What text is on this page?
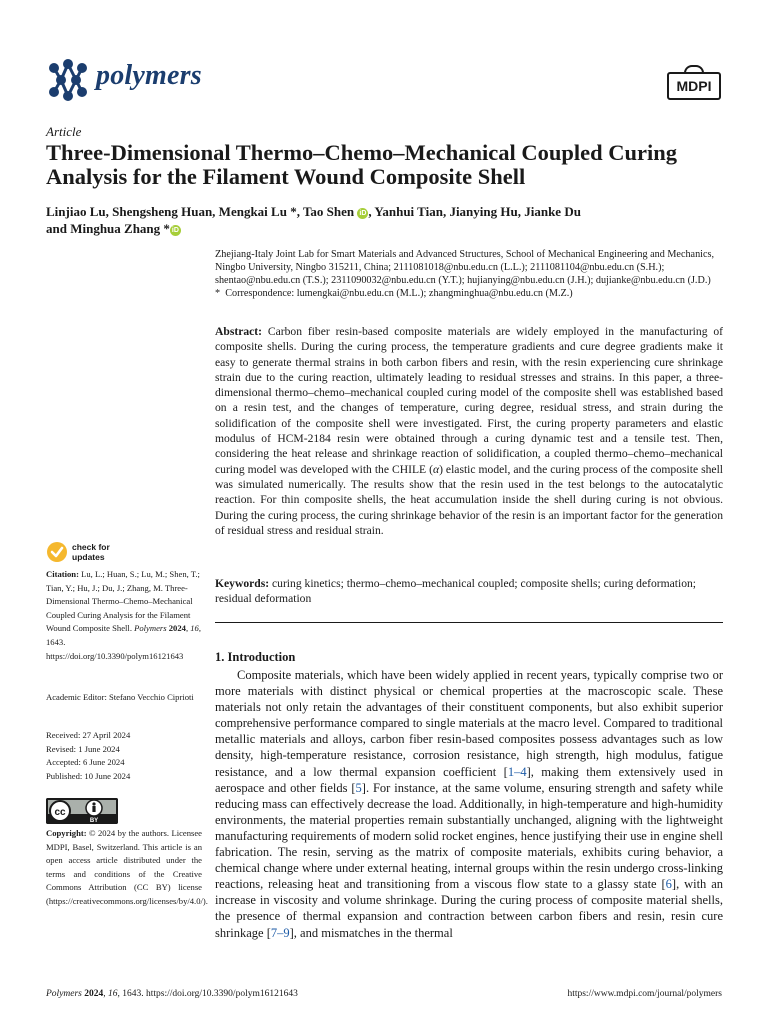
polymers	MDPI
Article
Three-Dimensional Thermo–Chemo–Mechanical Coupled Curing Analysis for the Filament Wound Composite Shell
Linjiao Lu, Shengsheng Huan, Mengkai Lu *, Tao Shen iD , Yanhui Tian, Jianying Hu, Jianke Du
and Minghua Zhang * iD
Zhejiang-Italy Joint Lab for Smart Materials and Advanced Structures, School of Mechanical Engineering and Mechanics,
Ningbo University, Ningbo 315211, China; 2111081018@nbu.edu.cn (L.L.); 2111081104@nbu.edu.cn (S.H.);
shentao@nbu.edu.cn (T.S.); 2311090032@nbu.edu.cn (Y.T.); hujianying@nbu.edu.cn (J.H.); dujianke@nbu.edu.cn (J.D.)
* Correspondence: lumengkai@nbu.edu.cn (M.L.); zhangminghua@nbu.edu.cn (M.Z.)

Abstract: Carbon fiber resin-based composite materials are widely employed in the manufacturing of composite shells. During the curing process, the temperature gradients and cure degree gradients make it easy to generate thermal strains in both carbon fibers and resin, with the resin experiencing cure shrinkage strain due to the curing reaction, ultimately leading to residual stresses and strains. In this paper, a three-dimensional thermo–chemo–mechanical coupled curing model of the composite shell was established based on a resin test, and the changes of temperature, curing degree, residual stress, and strain during the solidification of the composite shell were investigated. First, the curing property parameters and elastic modulus of HCM-2184 resin were obtained through a curing dynamic test and a tensile test. Then, considering the heat release and shrinkage reaction of solidification, a coupled thermo–chemo–mechanical curing model was developed with the CHILE (α) elastic model, and the curing process of the composite shell was simulated numerically. The results show that the resin used in the test belongs to the autocatalytic reaction. For thin composite shells, the heat accumulation inside the shell during curing is not obvious. During the curing process, the curing shrinkage behavior of the resin is an important factor for the generation of residual stress and residual strain.

Keywords: curing kinetics; thermo–chemo–mechanical coupled; composite shells; curing deformation; residual deformation

1. Introduction

Composite materials, which have been widely applied in recent years, typically comprise two or more materials with distinct physical or chemical properties at the macroscopic scale. These materials not only retain the advantages of their constituent components, but also exhibit superior comprehensive performance compared to single materials at the macro level. Compared to traditional metallic materials and alloys, carbon fiber resin-based composites possess advantages such as low density, high-temperature resistance, corrosion resistance, high strength, high modulus, fatigue resistance, and a low thermal expansion coefficient [1–4], making them extensively used in aerospace and other fields [5]. For instance, at the same volume, ensuring strength and safety while reducing mass can effectively decrease the load. Additionally, in high-temperature and high-humidity environments, the material properties remain substantially unchanged, aligning with the lightweight manufacturing requirements of modern solid rocket engines, hence justifying their use in engine shell fabrication. The resin, serving as the matrix of composite materials, exhibits curing behavior, a chemical change where under external heating, internal groups within the resin undergo cross-linking reactions, releasing heat and transitioning from a viscous flow state to a glassy state [6], with an increase in viscosity and volume shrinkage. During the curing process of composite material shells, the presence of thermal expansion and contraction between carbon fibers and resin, resin cure shrinkage [7–9], and mismatches in the thermal

check for
updates
Citation: Lu, L.; Huan, S.; Lu, M.; Shen, T.; Tian, Y.; Hu, J.; Du, J.; Zhang, M. Three-Dimensional Thermo–Chemo–Mechanical Coupled Curing Analysis for the Filament Wound Composite Shell. Polymers 2024, 16, 1643. https://doi.org/10.3390/polym16121643
Academic Editor: Stefano Vecchio Ciprioti
Received: 27 April 2024
Revised: 1 June 2024
Accepted: 6 June 2024
Published: 10 June 2024
cc
BY
Copyright: © 2024 by the authors. Licensee MDPI, Basel, Switzerland. This article is an open access article distributed under the terms and conditions of the Creative Commons Attribution (CC BY) license (https://creativecommons.org/licenses/by/4.0/).
Polymers 2024, 16, 1643. https://doi.org/10.3390/polym16121643	https://www.mdpi.com/journal/polymers
